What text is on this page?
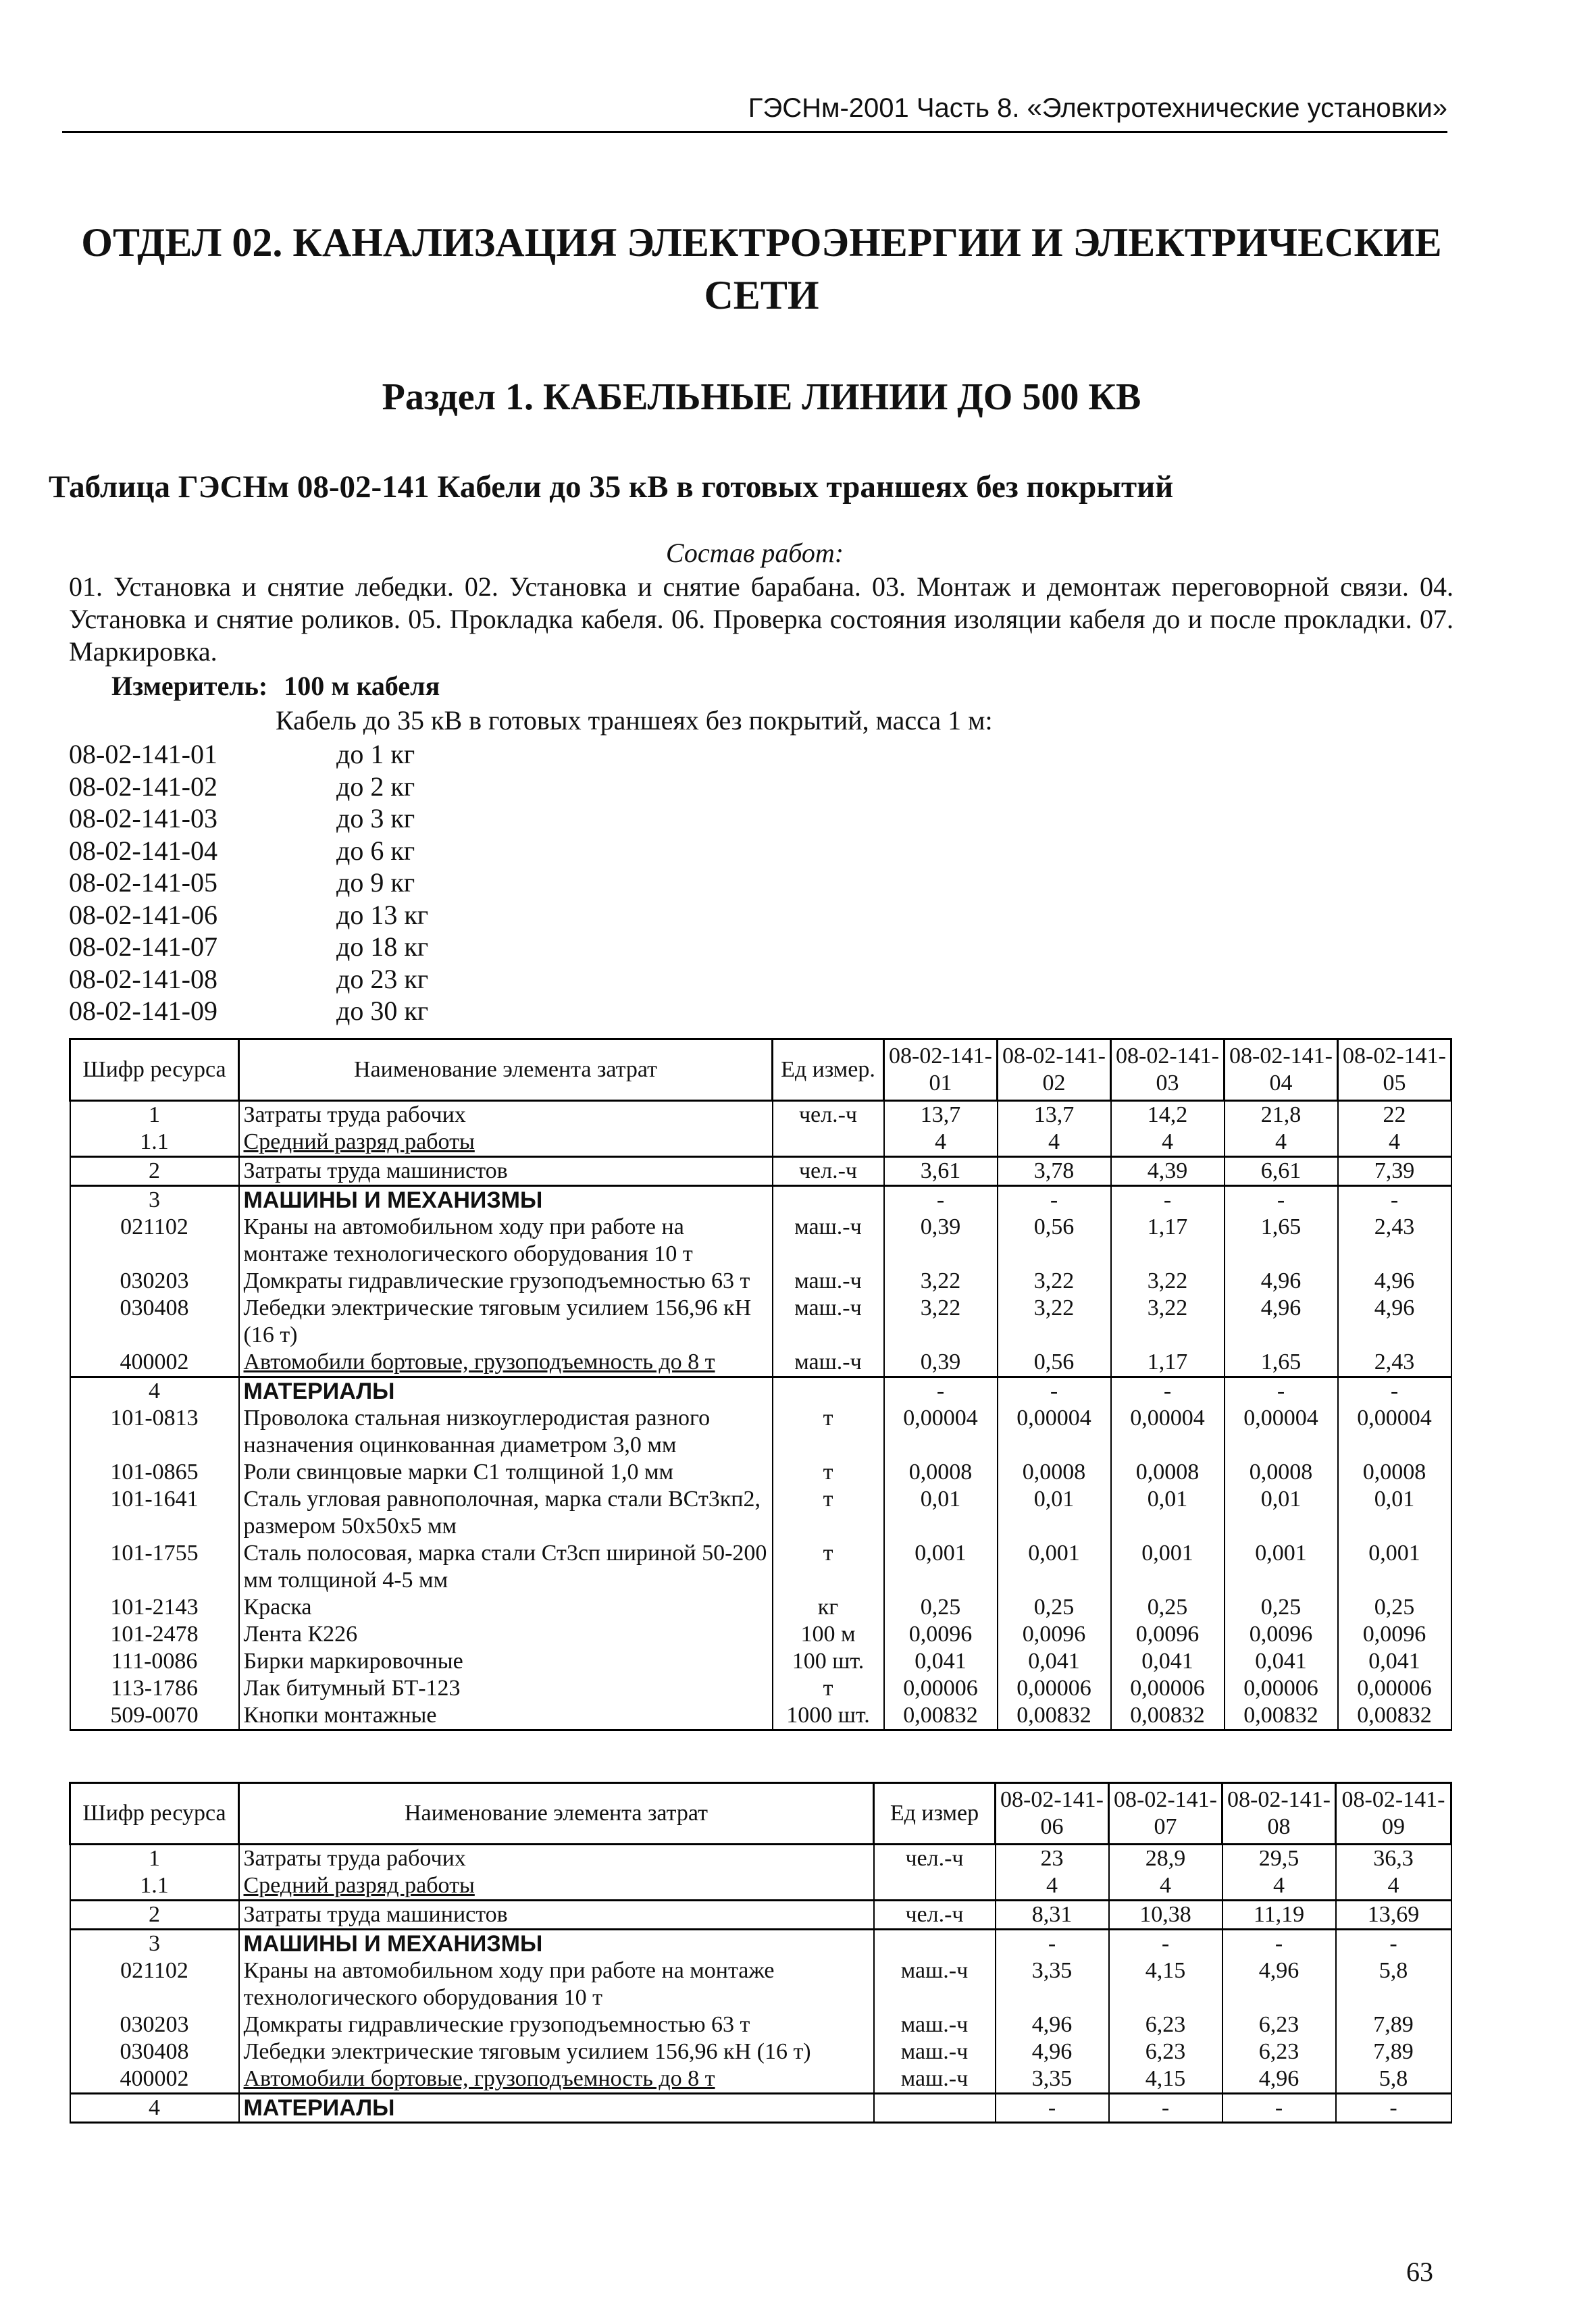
ГЭСНм-2001 Часть 8. «Электротехнические установки»
ОТДЕЛ 02. КАНАЛИЗАЦИЯ ЭЛЕКТРОЭНЕРГИИ И ЭЛЕКТРИЧЕСКИЕ
СЕТИ
Раздел 1. КАБЕЛЬНЫЕ ЛИНИИ ДО 500 КВ
Таблица ГЭСНм 08-02-141 Кабели до 35 кВ в готовых траншеях без покрытий
Состав работ:
01. Установка и снятие лебедки. 02. Установка и снятие барабана. 03. Монтаж и демонтаж переговорной связи. 04. Установка и снятие роликов. 05. Прокладка кабеля. 06. Проверка состояния изоляции кабеля до и после прокладки. 07. Маркировка.
Измеритель: 100 м кабеля
Кабель до 35 кВ в готовых траншеях без покрытий, масса 1 м:
08-02-141-01	до 1 кг
08-02-141-02	до 2 кг
08-02-141-03	до 3 кг
08-02-141-04	до 6 кг
08-02-141-05	до 9 кг
08-02-141-06	до 13 кг
08-02-141-07	до 18 кг
08-02-141-08	до 23 кг
08-02-141-09	до 30 кг
Шифр ресурса	Наименование элемента затрат	Ед измер.	08-02-141-01	08-02-141-02	08-02-141-03	08-02-141-04	08-02-141-05
1	Затраты труда рабочих	чел.-ч	13,7	13,7	14,2	21,8	22
1.1	Средний разряд работы		4	4	4	4	4
2	Затраты труда машинистов	чел.-ч	3,61	3,78	4,39	6,61	7,39
3	МАШИНЫ И МЕХАНИЗМЫ		-	-	-	-	-
021102	Краны на автомобильном ходу при работе на монтаже технологического оборудования 10 т	маш.-ч	0,39	0,56	1,17	1,65	2,43
030203	Домкраты гидравлические грузоподъемностью 63 т	маш.-ч	3,22	3,22	3,22	4,96	4,96
030408	Лебедки электрические тяговым усилием 156,96 кН (16 т)	маш.-ч	3,22	3,22	3,22	4,96	4,96
400002	Автомобили бортовые, грузоподъемность до 8 т	маш.-ч	0,39	0,56	1,17	1,65	2,43
4	МАТЕРИАЛЫ		-	-	-	-	-
101-0813	Проволока стальная низкоуглеродистая разного назначения оцинкованная диаметром 3,0 мм	т	0,00004	0,00004	0,00004	0,00004	0,00004
101-0865	Роли свинцовые марки С1 толщиной 1,0 мм	т	0,0008	0,0008	0,0008	0,0008	0,0008
101-1641	Сталь угловая равнополочная, марка стали ВСт3кп2, размером 50х50х5 мм	т	0,01	0,01	0,01	0,01	0,01
101-1755	Сталь полосовая, марка стали Ст3сп шириной 50-200 мм толщиной 4-5 мм	т	0,001	0,001	0,001	0,001	0,001
101-2143	Краска	кг	0,25	0,25	0,25	0,25	0,25
101-2478	Лента К226	100 м	0,0096	0,0096	0,0096	0,0096	0,0096
111-0086	Бирки маркировочные	100 шт.	0,041	0,041	0,041	0,041	0,041
113-1786	Лак битумный БТ-123	т	0,00006	0,00006	0,00006	0,00006	0,00006
509-0070	Кнопки монтажные	1000 шт.	0,00832	0,00832	0,00832	0,00832	0,00832
Шифр ресурса	Наименование элемента затрат	Ед измер	08-02-141-06	08-02-141-07	08-02-141-08	08-02-141-09
1	Затраты труда рабочих	чел.-ч	23	28,9	29,5	36,3
1.1	Средний разряд работы		4	4	4	4
2	Затраты труда машинистов	чел.-ч	8,31	10,38	11,19	13,69
3	МАШИНЫ И МЕХАНИЗМЫ		-	-	-	-
021102	Краны на автомобильном ходу при работе на монтаже технологического оборудования 10 т	маш.-ч	3,35	4,15	4,96	5,8
030203	Домкраты гидравлические грузоподъемностью 63 т	маш.-ч	4,96	6,23	6,23	7,89
030408	Лебедки электрические тяговым усилием 156,96 кН (16 т)	маш.-ч	4,96	6,23	6,23	7,89
400002	Автомобили бортовые, грузоподъемность до 8 т	маш.-ч	3,35	4,15	4,96	5,8
4	МАТЕРИАЛЫ		-	-	-	-
63
